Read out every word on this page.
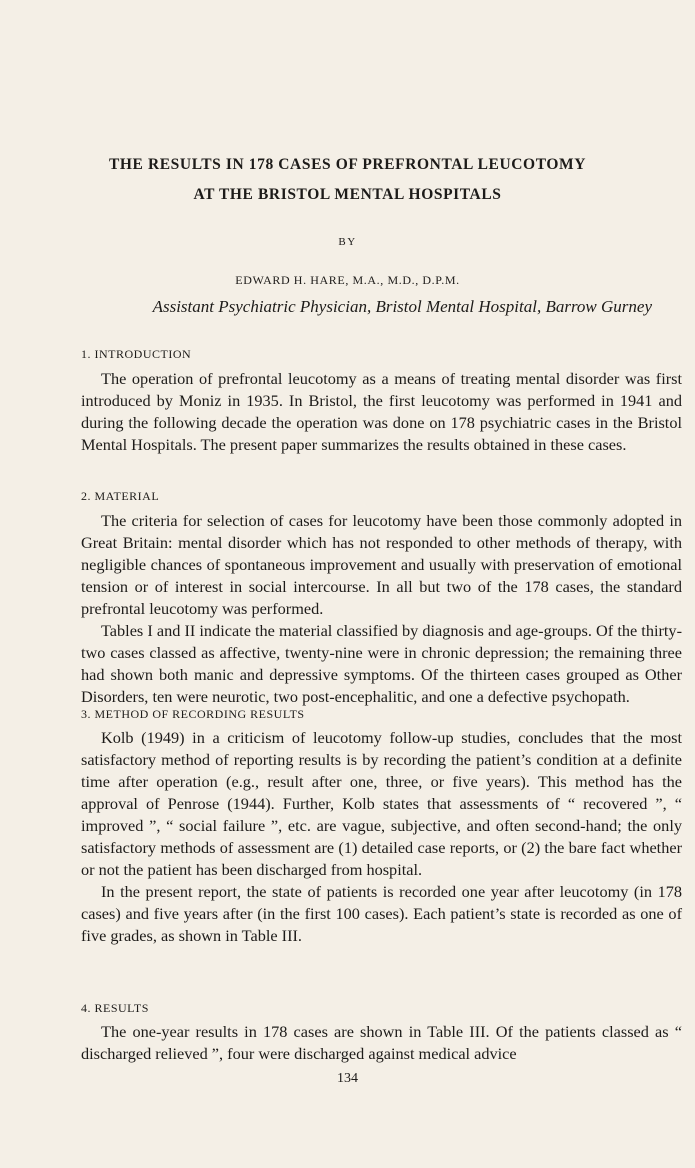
THE RESULTS IN 178 CASES OF PREFRONTAL LEUCOTOMY
AT THE BRISTOL MENTAL HOSPITALS
BY
EDWARD H. HARE, M.A., M.D., D.P.M.
Assistant Psychiatric Physician, Bristol Mental Hospital, Barrow Gurney
1. INTRODUCTION

The operation of prefrontal leucotomy as a means of treating mental disorder was first introduced by Moniz in 1935. In Bristol, the first leucotomy was performed in 1941 and during the following decade the operation was done on 178 psychiatric cases in the Bristol Mental Hospitals. The present paper summarizes the results obtained in these cases.

2. MATERIAL

The criteria for selection of cases for leucotomy have been those commonly adopted in Great Britain: mental disorder which has not responded to other methods of therapy, with negligible chances of spontaneous improvement and usually with preservation of emotional tension or of interest in social intercourse. In all but two of the 178 cases, the standard prefrontal leucotomy was performed.

Tables I and II indicate the material classified by diagnosis and age-groups. Of the thirty-two cases classed as affective, twenty-nine were in chronic depression; the remaining three had shown both manic and depressive symptoms. Of the thirteen cases grouped as Other Disorders, ten were neurotic, two post-encephalitic, and one a defective psychopath.

3. METHOD OF RECORDING RESULTS

Kolb (1949) in a criticism of leucotomy follow-up studies, concludes that the most satisfactory method of reporting results is by recording the patient’s condition at a definite time after operation (e.g., result after one, three, or five years). This method has the approval of Penrose (1944). Further, Kolb states that assessments of “ recovered ”, “ improved ”, “ social failure ”, etc. are vague, subjective, and often second-hand; the only satisfactory methods of assessment are (1) detailed case reports, or (2) the bare fact whether or not the patient has been discharged from hospital.

In the present report, the state of patients is recorded one year after leucotomy (in 178 cases) and five years after (in the first 100 cases). Each patient’s state is recorded as one of five grades, as shown in Table III.

4. RESULTS

The one-year results in 178 cases are shown in Table III. Of the patients classed as “ discharged relieved ”, four were discharged against medical advice

134
